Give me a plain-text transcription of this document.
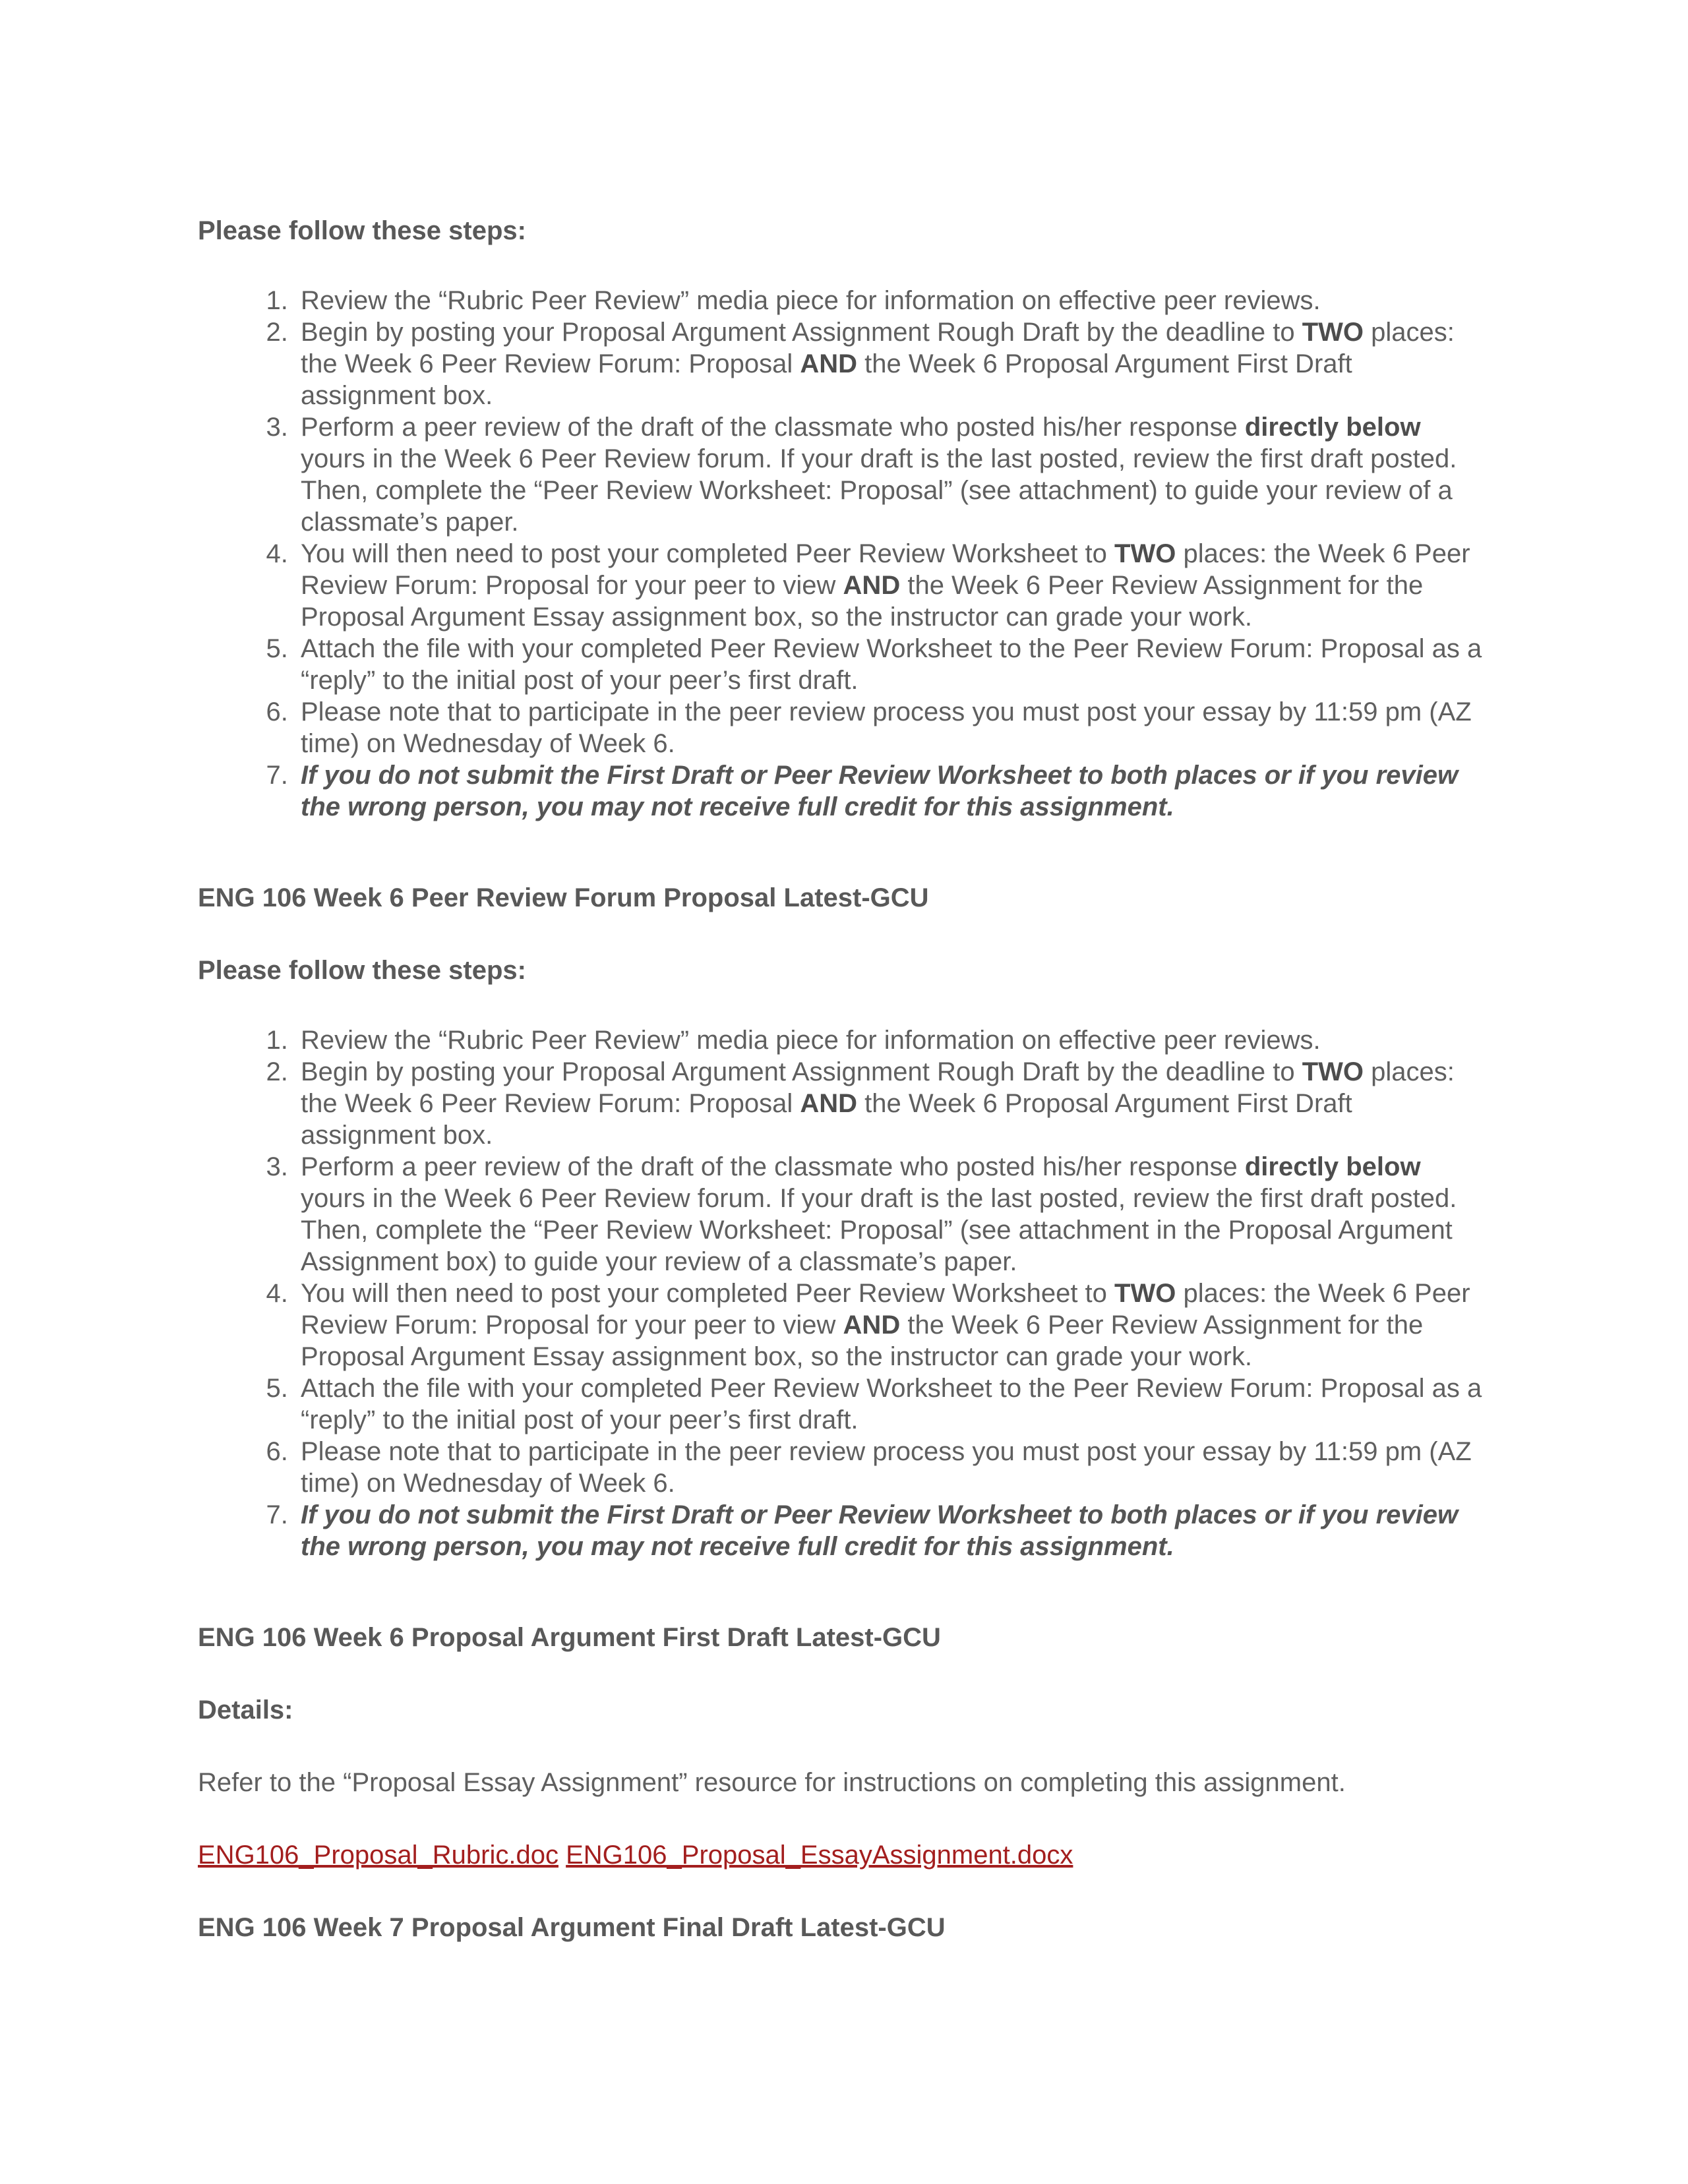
Please follow these steps:

1. Review the “Rubric Peer Review” media piece for information on effective peer reviews.
2. Begin by posting your Proposal Argument Assignment Rough Draft by the deadline to TWO places: the Week 6 Peer Review Forum: Proposal AND the Week 6 Proposal Argument First Draft assignment box.
3. Perform a peer review of the draft of the classmate who posted his/her response directly below yours in the Week 6 Peer Review forum. If your draft is the last posted, review the first draft posted. Then, complete the “Peer Review Worksheet: Proposal” (see attachment) to guide your review of a classmate’s paper.
4. You will then need to post your completed Peer Review Worksheet to TWO places: the Week 6 Peer Review Forum: Proposal for your peer to view AND the Week 6 Peer Review Assignment for the Proposal Argument Essay assignment box, so the instructor can grade your work.
5. Attach the file with your completed Peer Review Worksheet to the Peer Review Forum: Proposal as a “reply” to the initial post of your peer’s first draft.
6. Please note that to participate in the peer review process you must post your essay by 11:59 pm (AZ time) on Wednesday of Week 6.
7. If you do not submit the First Draft or Peer Review Worksheet to both places or if you review the wrong person, you may not receive full credit for this assignment.

ENG 106 Week 6 Peer Review Forum Proposal Latest-GCU

Please follow these steps:

1. Review the “Rubric Peer Review” media piece for information on effective peer reviews.
2. Begin by posting your Proposal Argument Assignment Rough Draft by the deadline to TWO places: the Week 6 Peer Review Forum: Proposal AND the Week 6 Proposal Argument First Draft assignment box.
3. Perform a peer review of the draft of the classmate who posted his/her response directly below yours in the Week 6 Peer Review forum. If your draft is the last posted, review the first draft posted. Then, complete the “Peer Review Worksheet: Proposal” (see attachment in the Proposal Argument Assignment box) to guide your review of a classmate’s paper.
4. You will then need to post your completed Peer Review Worksheet to TWO places: the Week 6 Peer Review Forum: Proposal for your peer to view AND the Week 6 Peer Review Assignment for the Proposal Argument Essay assignment box, so the instructor can grade your work.
5. Attach the file with your completed Peer Review Worksheet to the Peer Review Forum: Proposal as a “reply” to the initial post of your peer’s first draft.
6. Please note that to participate in the peer review process you must post your essay by 11:59 pm (AZ time) on Wednesday of Week 6.
7. If you do not submit the First Draft or Peer Review Worksheet to both places or if you review the wrong person, you may not receive full credit for this assignment.

ENG 106 Week 6 Proposal Argument First Draft Latest-GCU

Details:

Refer to the “Proposal Essay Assignment” resource for instructions on completing this assignment.

ENG106_Proposal_Rubric.doc ENG106_Proposal_EssayAssignment.docx

ENG 106 Week 7 Proposal Argument Final Draft Latest-GCU
